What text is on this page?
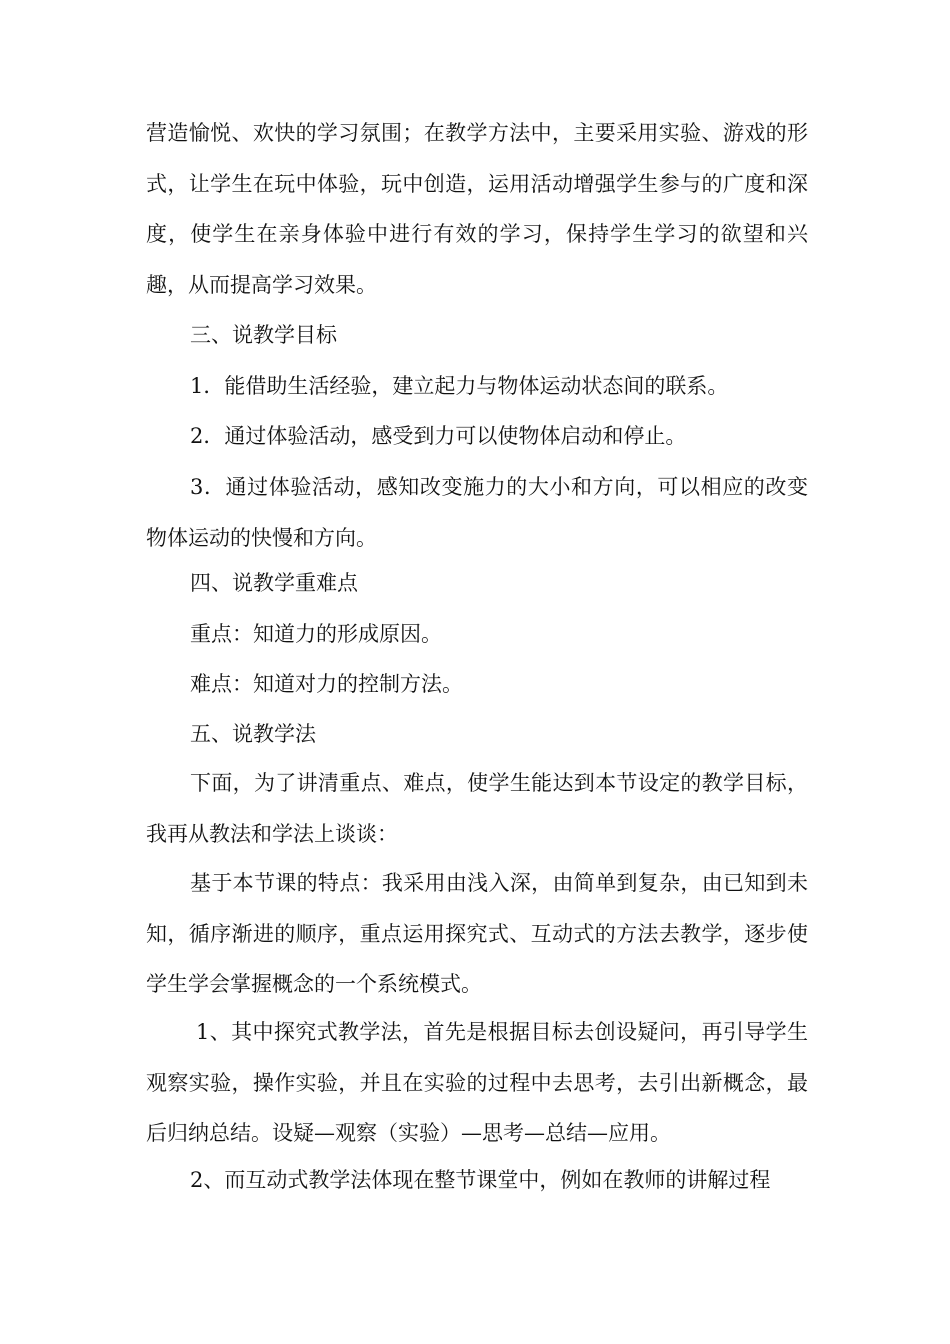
营造愉悦、欢快的学习氛围；在教学方法中，主要采用实验、游戏的形式，让学生在玩中体验，玩中创造，运用活动增强学生参与的广度和深度，使学生在亲身体验中进行有效的学习，保持学生学习的欲望和兴趣，从而提高学习效果。

三、说教学目标

1．能借助生活经验，建立起力与物体运动状态间的联系。

2．通过体验活动，感受到力可以使物体启动和停止。

3．通过体验活动，感知改变施力的大小和方向，可以相应的改变物体运动的快慢和方向。

四、说教学重难点

重点：知道力的形成原因。

难点：知道对力的控制方法。

五、说教学法

下面，为了讲清重点、难点，使学生能达到本节设定的教学目标，我再从教法和学法上谈谈：

基于本节课的特点：我采用由浅入深，由简单到复杂，由已知到未知，循序渐进的顺序，重点运用探究式、互动式的方法去教学，逐步使学生学会掌握概念的一个系统模式。

1、其中探究式教学法，首先是根据目标去创设疑问，再引导学生观察实验，操作实验，并且在实验的过程中去思考，去引出新概念，最后归纳总结。设疑—观察（实验）—思考—总结—应用。

2、而互动式教学法体现在整节课堂中，例如在教师的讲解过程
